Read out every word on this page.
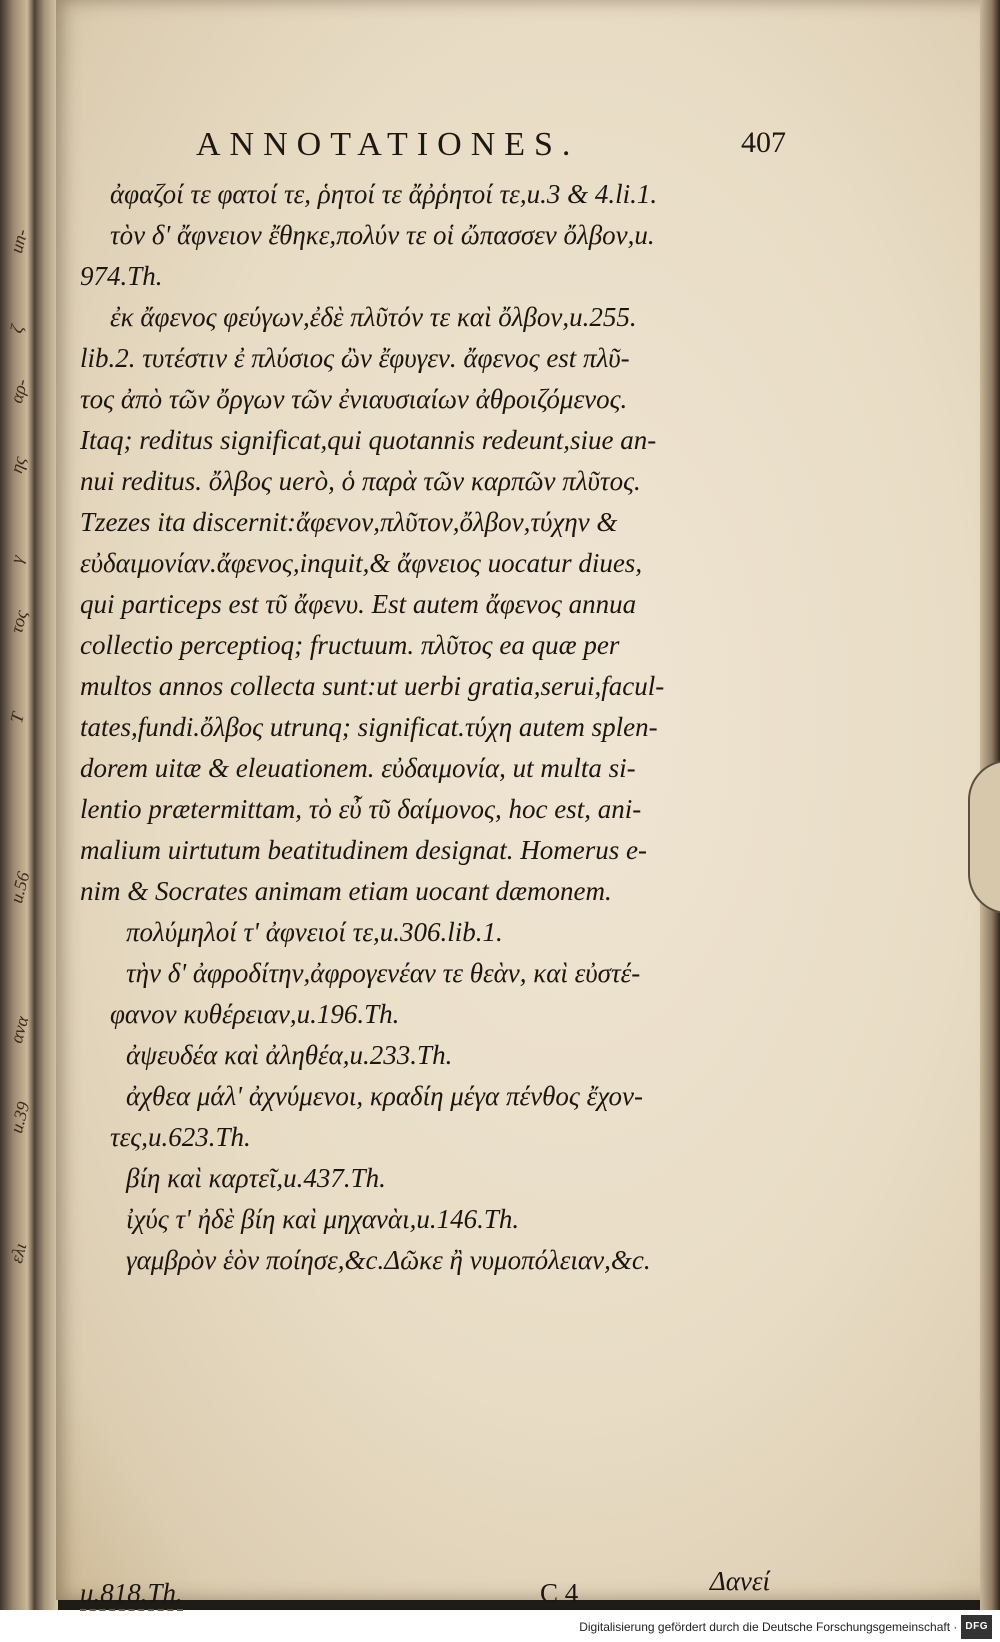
un-
ζ
αρ-
ης
γ
τος
T
u.56
ανα
u.39
ελι
ANNOTATIONES.	407
ἀφαζοί τε φατοί τε, ῥητοί τε ἄῤῥητοί τε,u.3 & 4.li.1.
τὸν δ' ἄφνειον ἔθηκε,πολύν τε οἱ ὤπασσεν ὄλβον,u.
974.Th.
ἐκ ἄφενος φεύγων,ἐδὲ πλῦτόν τε καὶ ὄλβον,u.255.
lib.2. τυτέστιν ἐ πλύσιος ὢν ἔφυγεν. ἄφενος est πλῦ-
τος ἀπὸ τῶν ὄργων τῶν ἐνιαυσιαίων ἀθροιζόμενος.
Itaq; reditus significat,qui quotannis redeunt,siue an-
nui reditus. ὄλβος uerò, ὁ παρὰ τῶν καρπῶν πλῦτος.
Tzezes ita discernit:ἄφενον,πλῦτον,ὄλβον,τύχην &
εὐδαιμονίαν.ἄφενος,inquit,& ἄφνειος uocatur diues,
qui particeps est τῦ ἄφενυ. Est autem ἄφενος annua
collectio perceptioq; fructuum. πλῦτος ea quæ per
multos annos collecta sunt:ut uerbi gratia,serui,facul-
tates,fundi.ὄλβος utrunq; significat.τύχη autem splen-
dorem uitæ & eleuationem. εὐδαιμονία, ut multa si-
lentio prætermittam, τὸ εὖ τῦ δαίμονος, hoc est, ani-
malium uirtutum beatitudinem designat. Homerus e-
nim & Socrates animam etiam uocant dæmonem.
πολύμηλοί τ' ἀφνειοί τε,u.306.lib.1.
τὴν δ' ἀφροδίτην,ἀφρογενέαν τε θεὰν, καὶ εὐστέ-
φανον κυθέρειαν,u.196.Th.
ἀψευδέα καὶ ἀληθέα,u.233.Th.
ἀχθεα μάλ' ἀχνύμενοι, κραδίη μέγα πένθος ἔχον-
τες,u.623.Th.
βίη καὶ καρτεῖ,u.437.Th.
ἰχύς τ' ἠδὲ βίη καὶ μηχανὰι,u.146.Th.
γαμβρὸν ἑὸν ποίησε,&c.Δῶκε ἢ νυμοπόλειαν,&c.
u.818.Th.	C 4	Δανεί
Digitalisierung gefördert durch die Deutsche Forschungsgemeinschaft · DFG
